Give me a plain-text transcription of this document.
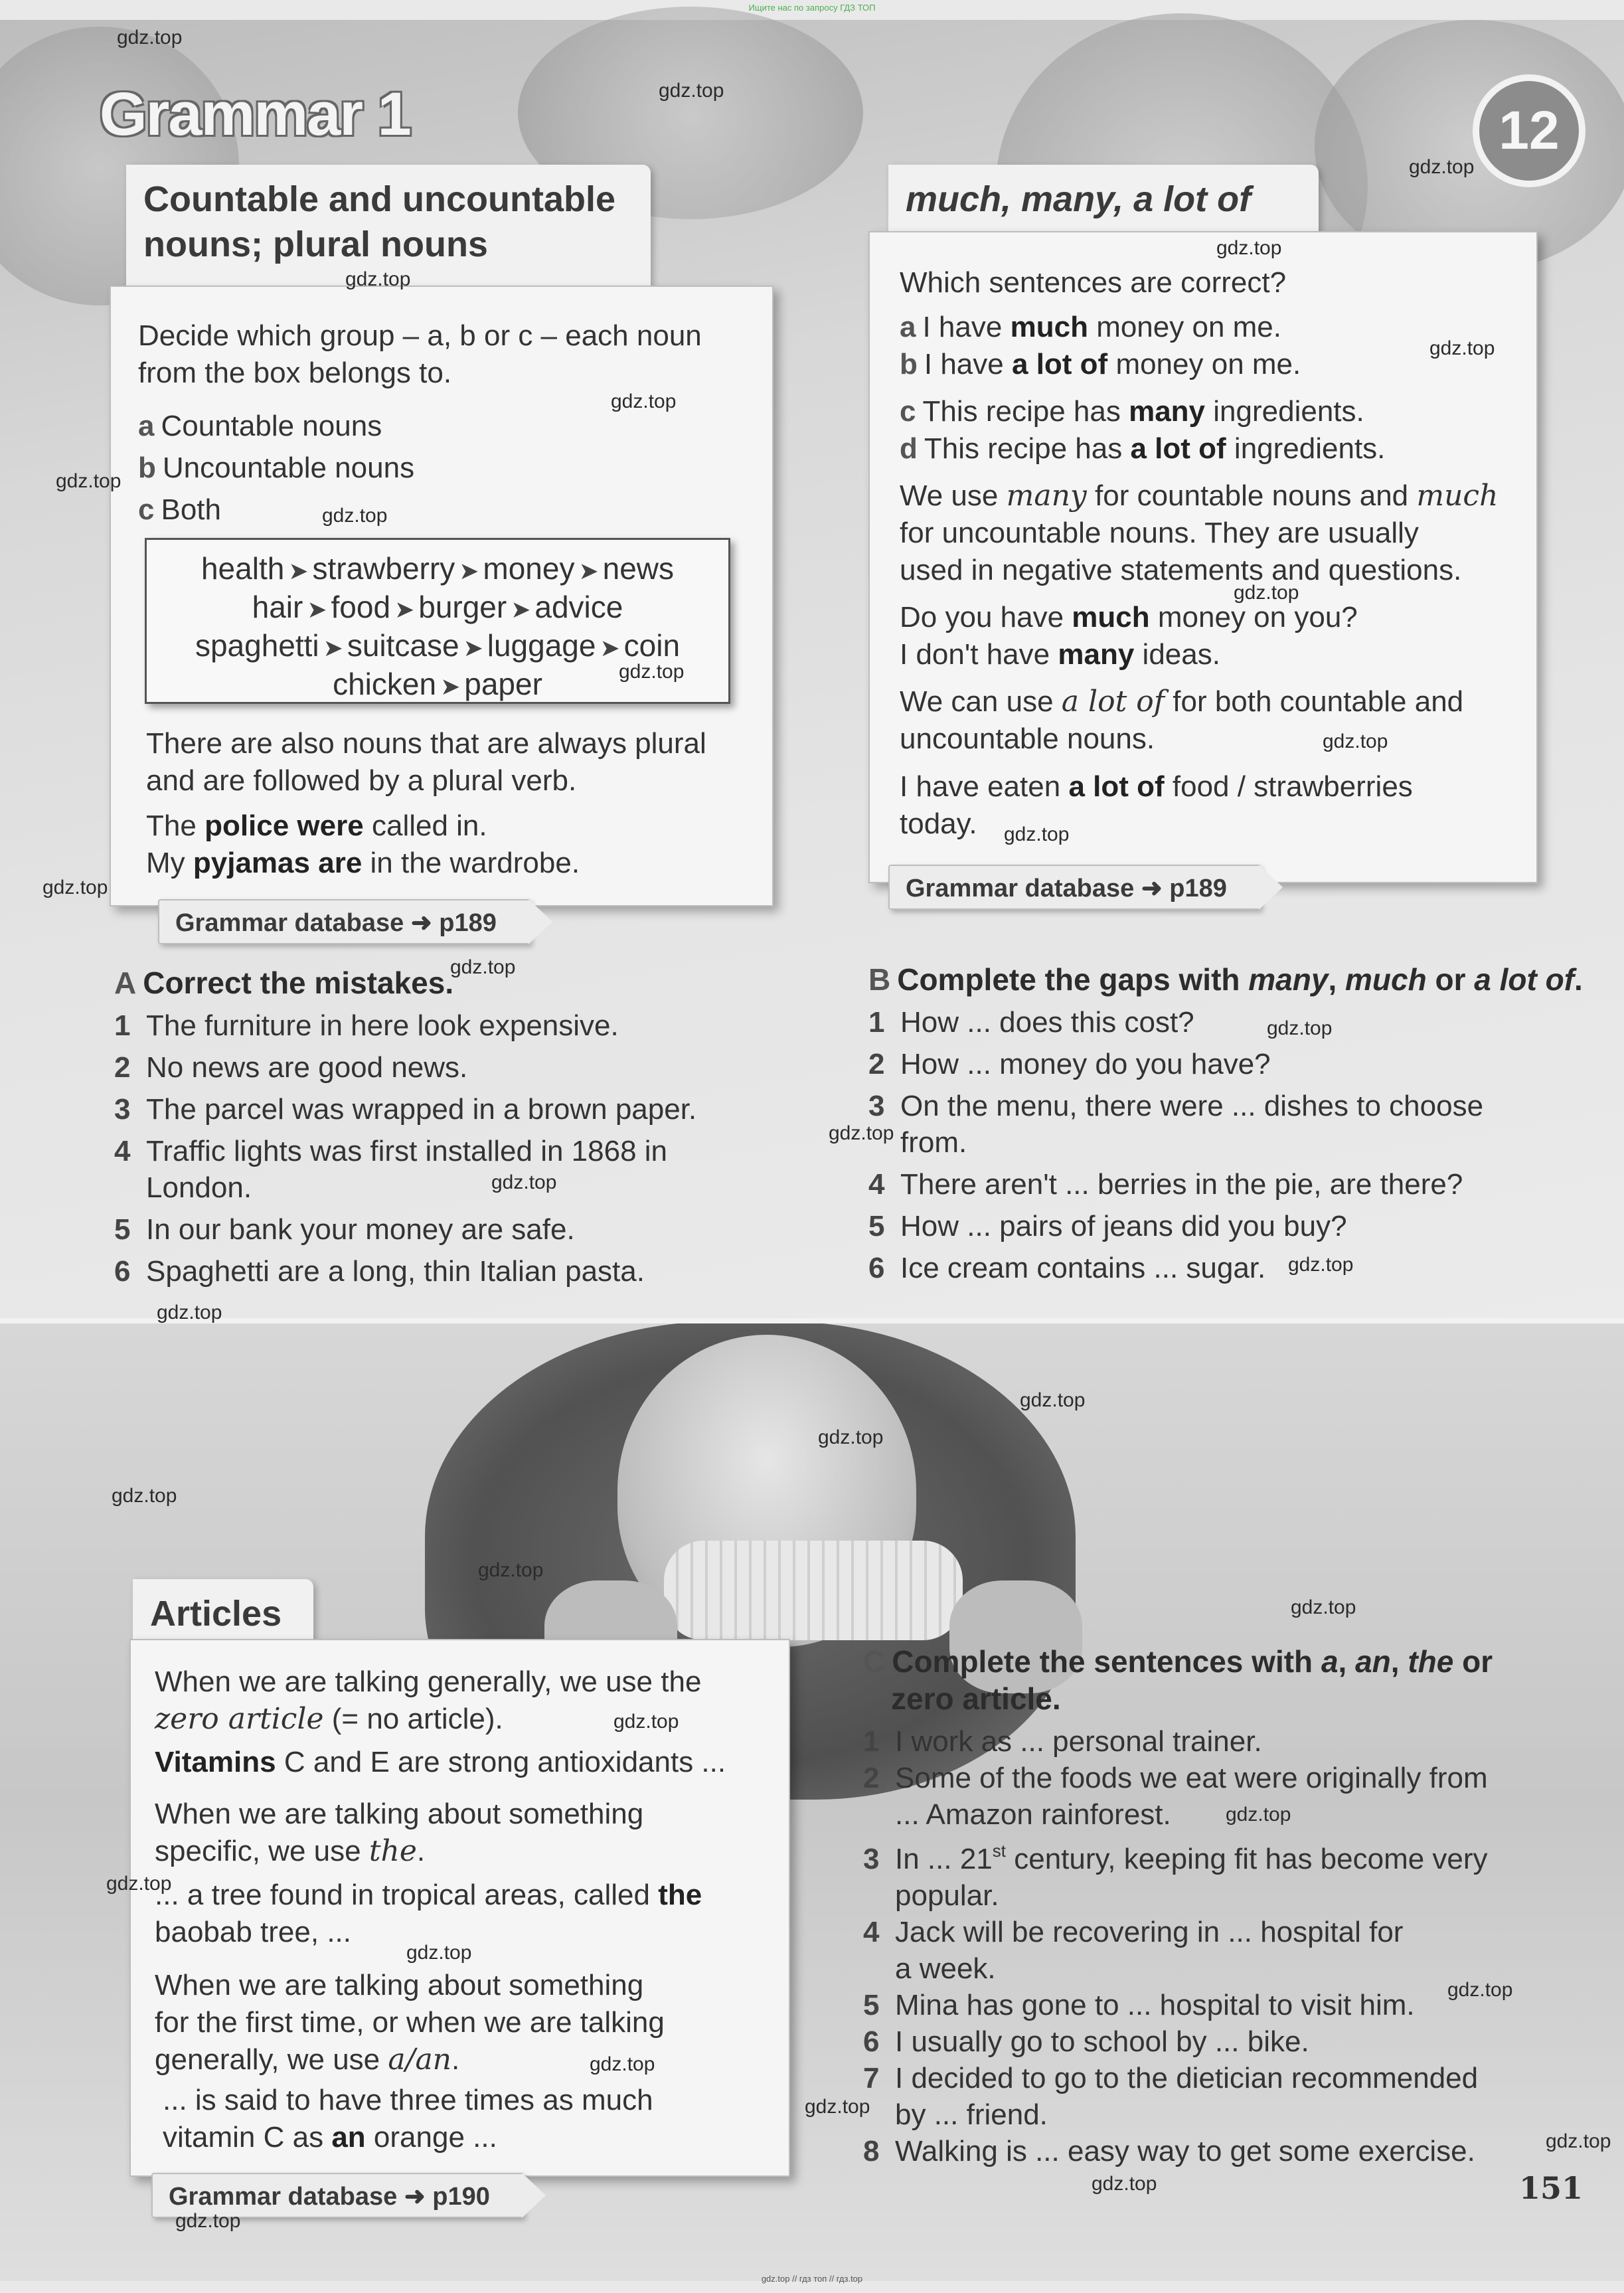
Ищите нас по запросу ГДЗ ТОП
gdz.top // гдз топ // гдз.top
Grammar 1	12
Countable and uncountable
nouns; plural nouns
Decide which group – a, b or c – each noun
from the box belongs to.
a Countable nouns
b Uncountable nouns
c Both
health ➤ strawberry ➤ money ➤ news
hair ➤ food ➤ burger ➤ advice
spaghetti ➤ suitcase ➤ luggage ➤ coin
chicken ➤ paper
There are also nouns that are always plural
and are followed by a plural verb.
The police were called in.
My pyjamas are in the wardrobe.
Grammar database ➜ p189
much, many, a lot of
Which sentences are correct?
a I have much money on me.
b I have a lot of money on me.
c This recipe has many ingredients.
d This recipe has a lot of ingredients.
We use many for countable nouns and much
for uncountable nouns. They are usually
used in negative statements and questions.
Do you have much money on you?
I don't have many ideas.
We can use a lot of for both countable and
uncountable nouns.
I have eaten a lot of food / strawberries
today.
Grammar database ➜ p189
A Correct the mistakes.
1 The furniture in here look expensive.
2 No news are good news.
3 The parcel was wrapped in a brown paper.
4 Traffic lights was first installed in 1868 in
London.
5 In our bank your money are safe.
6 Spaghetti are a long, thin Italian pasta.
B Complete the gaps with many, much or a lot of.
1 How ... does this cost?
2 How ... money do you have?
3 On the menu, there were ... dishes to choose
from.
4 There aren't ... berries in the pie, are there?
5 How ... pairs of jeans did you buy?
6 Ice cream contains ... sugar.
Articles
When we are talking generally, we use the
zero article (= no article).
Vitamins C and E are strong antioxidants ...
When we are talking about something
specific, we use the.
... a tree found in tropical areas, called the
baobab tree, ...
When we are talking about something
for the first time, or when we are talking
generally, we use a/an.
... is said to have three times as much
vitamin C as an orange ...
Grammar database ➜ p190
C Complete the sentences with a, an, the or
zero article.
1 I work as ... personal trainer.
2 Some of the foods we eat were originally from
... Amazon rainforest.
3 In ... 21st century, keeping fit has become very
popular.
4 Jack will be recovering in ... hospital for
a week.
5 Mina has gone to ... hospital to visit him.
6 I usually go to school by ... bike.
7 I decided to go to the dietician recommended
by ... friend.
8 Walking is ... easy way to get some exercise.
151
gdz.top
gdz.top
gdz.top
gdz.top
gdz.top
gdz.top
gdz.top
gdz.top
gdz.top
gdz.top
gdz.top
gdz.top
gdz.top
gdz.top
gdz.top
gdz.top
gdz.top
gdz.top
gdz.top
gdz.top
gdz.top
gdz.top
gdz.top
gdz.top
gdz.top
gdz.top
gdz.top
gdz.top
gdz.top
gdz.top
gdz.top
gdz.top
gdz.top
gdz.top
gdz.top
